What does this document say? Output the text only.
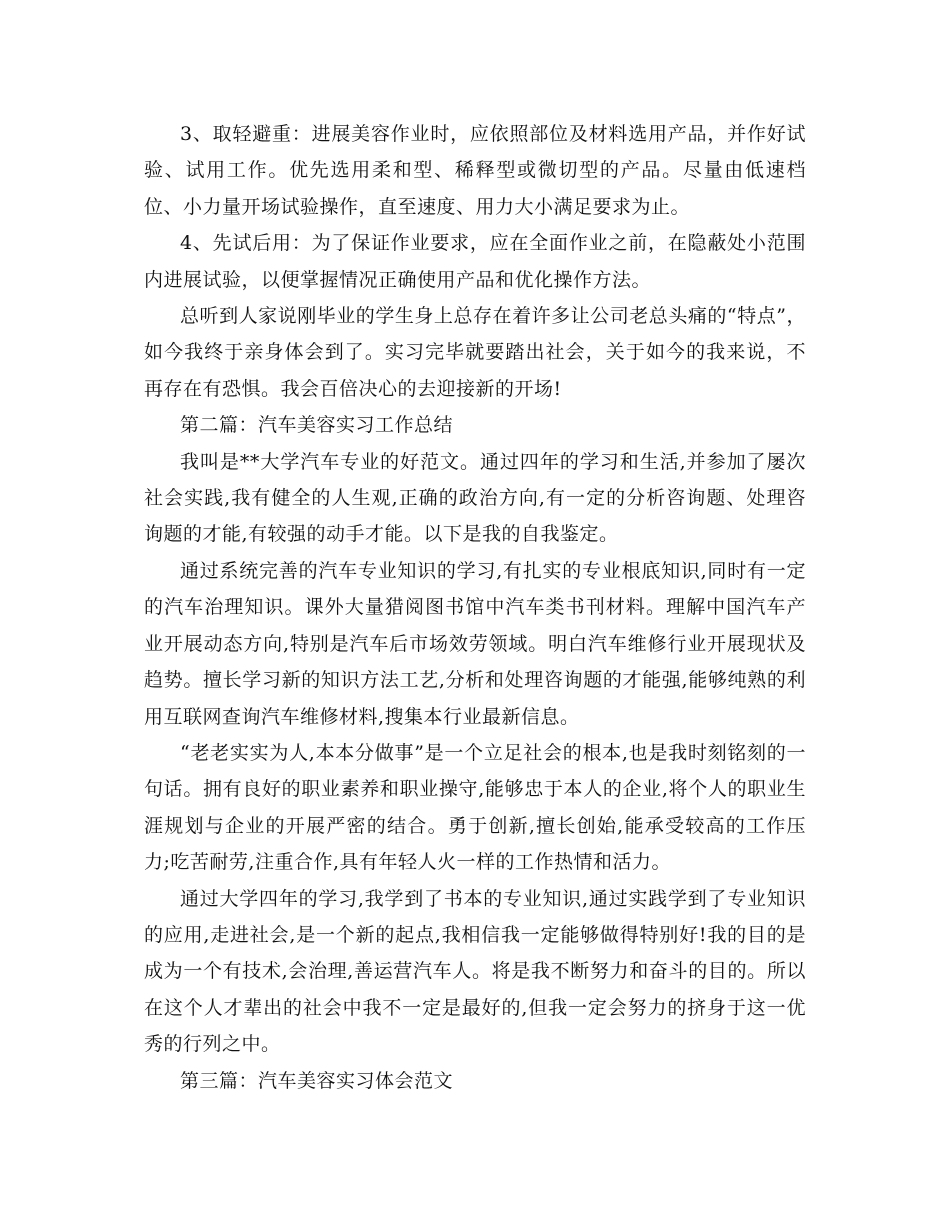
3、取轻避重：进展美容作业时，应依照部位及材料选用产品，并作好试验、试用工作。优先选用柔和型、稀释型或微切型的产品。尽量由低速档位、小力量开场试验操作，直至速度、用力大小满足要求为止。

4、先试后用：为了保证作业要求，应在全面作业之前，在隐蔽处小范围内进展试验，以便掌握情况正确使用产品和优化操作方法。

总听到人家说刚毕业的学生身上总存在着许多让公司老总头痛的“特点”，如今我终于亲身体会到了。实习完毕就要踏出社会，关于如今的我来说，不再存在有恐惧。我会百倍决心的去迎接新的开场!

第二篇：汽车美容实习工作总结

我叫是**大学汽车专业的好范文。通过四年的学习和生活,并参加了屡次社会实践,我有健全的人生观,正确的政治方向,有一定的分析咨询题、处理咨询题的才能,有较强的动手才能。以下是我的自我鉴定。

通过系统完善的汽车专业知识的学习,有扎实的专业根底知识,同时有一定的汽车治理知识。课外大量猎阅图书馆中汽车类书刊材料。理解中国汽车产业开展动态方向,特别是汽车后市场效劳领域。明白汽车维修行业开展现状及趋势。擅长学习新的知识方法工艺,分析和处理咨询题的才能强,能够纯熟的利用互联网查询汽车维修材料,搜集本行业最新信息。

“老老实实为人,本本分做事”是一个立足社会的根本,也是我时刻铭刻的一句话。拥有良好的职业素养和职业操守,能够忠于本人的企业,将个人的职业生涯规划与企业的开展严密的结合。勇于创新,擅长创始,能承受较高的工作压力;吃苦耐劳,注重合作,具有年轻人火一样的工作热情和活力。

通过大学四年的学习,我学到了书本的专业知识,通过实践学到了专业知识的应用,走进社会,是一个新的起点,我相信我一定能够做得特别好!我的目的是成为一个有技术,会治理,善运营汽车人。将是我不断努力和奋斗的目的。所以在这个人才辈出的社会中我不一定是最好的,但我一定会努力的挤身于这一优秀的行列之中。

第三篇：汽车美容实习体会范文
